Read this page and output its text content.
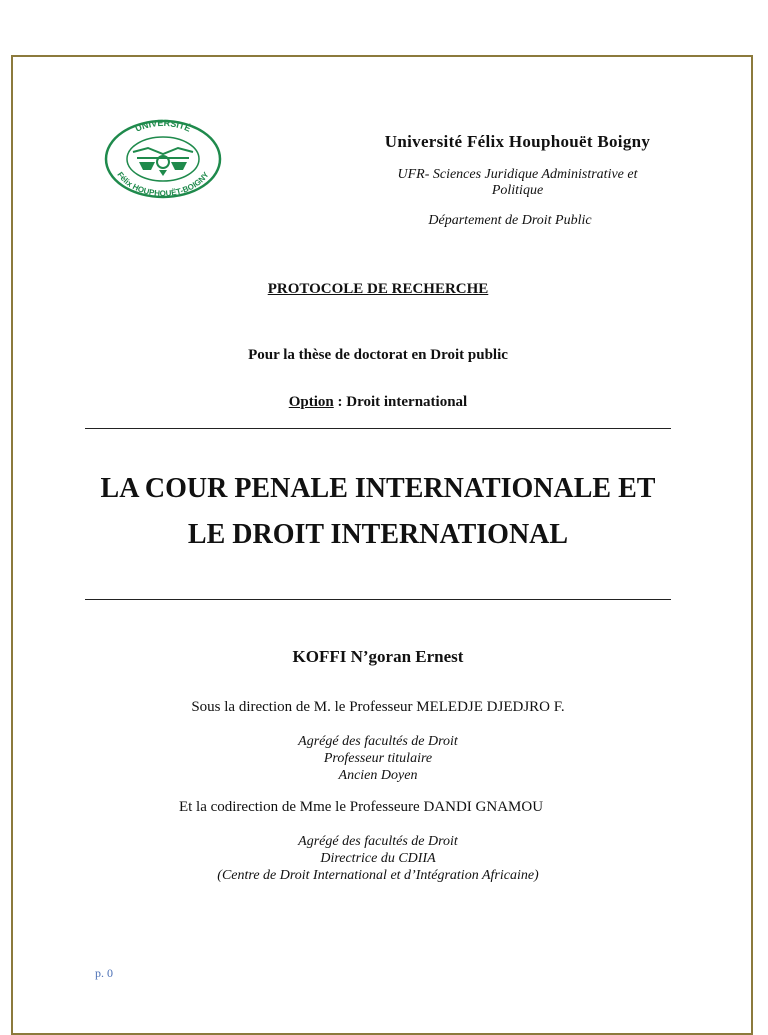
UNIVERSITÉ
Félix HOUPHOUËT-BOIGNY
Université Félix Houphouët Boigny
UFR- Sciences Juridique Administrative et
Politique
Département de Droit Public
PROTOCOLE DE RECHERCHE
Pour la thèse de doctorat en Droit public
Option : Droit international
LA COUR PENALE INTERNATIONALE ET
LE DROIT INTERNATIONAL
KOFFI N’goran Ernest
Sous la direction de M. le Professeur MELEDJE DJEDJRO F.
Agrégé des facultés de Droit
Professeur titulaire
Ancien Doyen
Et la codirection de Mme le Professeure DANDI GNAMOU
Agrégé des facultés de Droit
Directrice du CDIIA
(Centre de Droit International et d’Intégration Africaine)
p. 0
